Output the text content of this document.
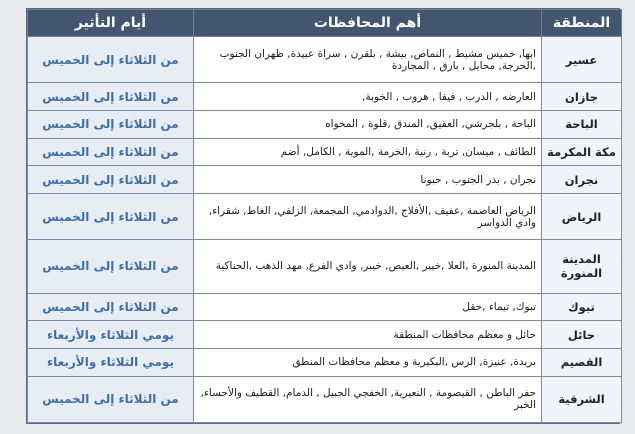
المنطقة	أهم المحافظات	أيام التأثير
عسير	ابها, خميس مشيط , النماص, بيشة , بلقرن , سراة عبيدة, ظهران الجنوب ,الحرجة, محايل , بارق , المجاردة	من الثلاثاء إلى الخميس
جازان	العارضه , الدرب , فيفا , هروب , الخوبة,	من الثلاثاء إلى الخميس
الباحة	الباحة , بلجرشي, العقيق, المندق ,قلوة , المخواه	من الثلاثاء إلى الخميس
مكة المكرمة	الطائف , ميسان, تربة , رنية ,الخرمة ,الموية , الكامل, أضم	من الثلاثاء إلى الخميس
نجران	نجران , بدر الجنوب , حبونا	من الثلاثاء إلى الخميس
الرياض	الرياض العاصمة ,عفيف ,الأفلاج ,الدوادمي, المجمعة, الزلفي, الغاط, شقراء, وادي الدواسر	من الثلاثاء إلى الخميس
المدينة المنورة	المدينة المنورة ,العلا ,خيبر ,العيص, خيبر, وادي الفرع, مهد الذهب ,الحناكية	من الثلاثاء إلى الخميس
تبوك	تبوك, تيماء ,حقل	من الثلاثاء إلى الخميس
حائل	حائل و معظم محافظات المنطقة	يومي الثلاثاء والأربعاء
القصيم	بريدة, عنيزة, الرس ,البكيرية و معظم محافظات المنطق	يومي الثلاثاء والأربعاء
الشرقية	حفر الباطن , القيصومة , النعيرية, الخفجي الجبيل , الدمام, القطيف والأحساء, الخبر	من الثلاثاء إلى الخميس
